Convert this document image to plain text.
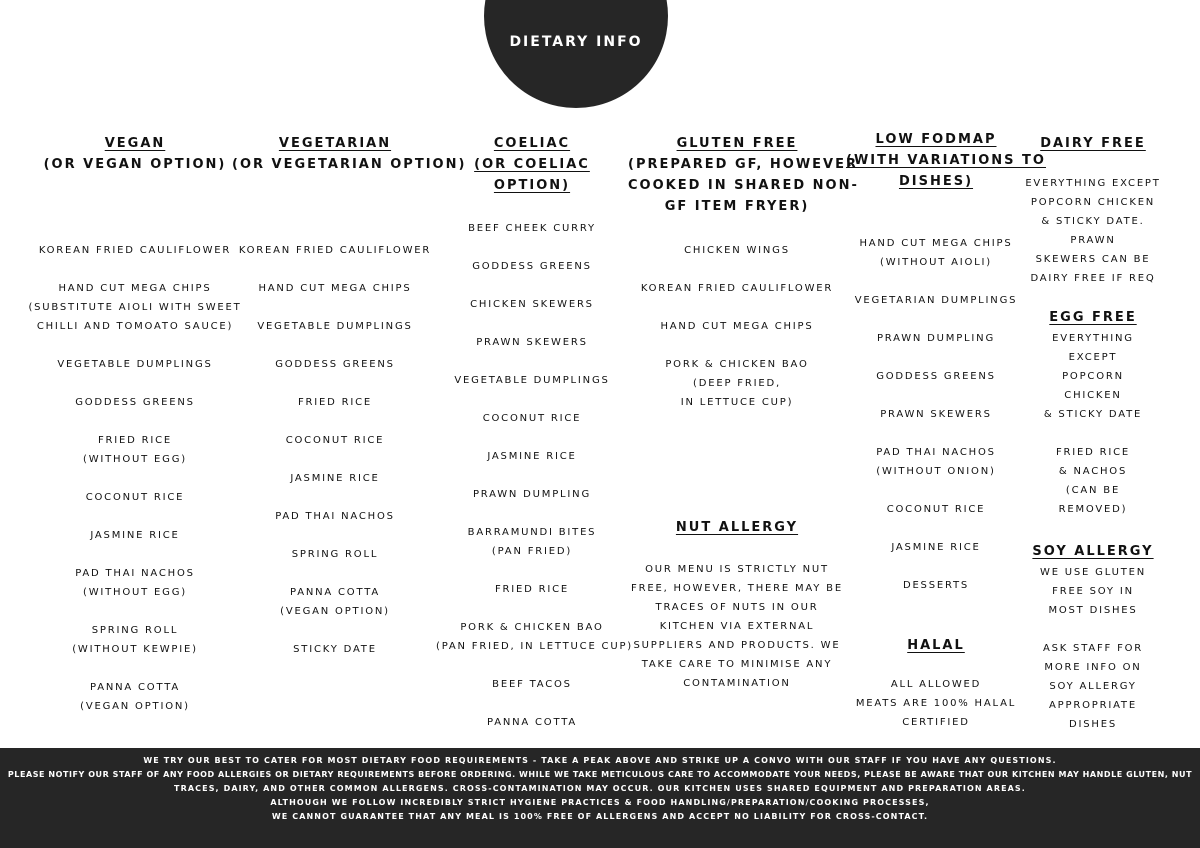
DIETARY INFO
VEGAN
(OR VEGAN OPTION)
KOREAN FRIED CAULIFLOWER
HAND CUT MEGA CHIPS
(SUBSTITUTE AIOLI WITH SWEET
CHILLI AND TOMOATO SAUCE)
VEGETABLE DUMPLINGS
GODDESS GREENS
FRIED RICE
(WITHOUT EGG)
COCONUT RICE
JASMINE RICE
PAD THAI NACHOS
(WITHOUT EGG)
SPRING ROLL
(WITHOUT KEWPIE)
PANNA COTTA
(VEGAN OPTION)
VEGETARIAN
(OR VEGETARIAN OPTION)
KOREAN FRIED CAULIFLOWER
HAND CUT MEGA CHIPS
VEGETABLE DUMPLINGS
GODDESS GREENS
FRIED RICE
COCONUT RICE
JASMINE RICE
PAD THAI NACHOS
SPRING ROLL
PANNA COTTA
(VEGAN OPTION)
STICKY DATE
COELIAC
(OR COELIAC
OPTION)
BEEF CHEEK CURRY
GODDESS GREENS
CHICKEN SKEWERS
PRAWN SKEWERS
VEGETABLE DUMPLINGS
COCONUT RICE
JASMINE RICE
PRAWN DUMPLING
BARRAMUNDI BITES
(PAN FRIED)
FRIED RICE
PORK & CHICKEN BAO
(PAN FRIED, IN LETTUCE CUP)
BEEF TACOS
PANNA COTTA
GLUTEN FREE
(PREPARED GF, HOWEVER
COOKED IN SHARED NON-
GF ITEM FRYER)
CHICKEN WINGS
KOREAN FRIED CAULIFLOWER
HAND CUT MEGA CHIPS
PORK & CHICKEN BAO
(DEEP FRIED,
IN LETTUCE CUP)
NUT ALLERGY
OUR MENU IS STRICTLY NUT
FREE, HOWEVER, THERE MAY BE
TRACES OF NUTS IN OUR
KITCHEN VIA EXTERNAL
SUPPLIERS AND PRODUCTS. WE
TAKE CARE TO MINIMISE ANY
CONTAMINATION
LOW FODMAP
(WITH VARIATIONS TO
DISHES)
HAND CUT MEGA CHIPS
(WITHOUT AIOLI)
VEGETARIAN DUMPLINGS
PRAWN DUMPLING
GODDESS GREENS
PRAWN SKEWERS
PAD THAI NACHOS
(WITHOUT ONION)
COCONUT RICE
JASMINE RICE
DESSERTS
HALAL
ALL ALLOWED
MEATS ARE 100% HALAL
CERTIFIED
DAIRY FREE
EVERYTHING EXCEPT
POPCORN CHICKEN
& STICKY DATE.
PRAWN
SKEWERS CAN BE
DAIRY FREE IF REQ
EGG FREE
EVERYTHING
EXCEPT
POPCORN
CHICKEN
& STICKY DATE
FRIED RICE
& NACHOS
(CAN BE
REMOVED)
SOY ALLERGY
WE USE GLUTEN
FREE SOY IN
MOST DISHES
ASK STAFF FOR
MORE INFO ON
SOY ALLERGY
APPROPRIATE
DISHES
WE TRY OUR BEST TO CATER FOR MOST DIETARY FOOD REQUIREMENTS - TAKE A PEAK ABOVE AND STRIKE UP A CONVO WITH OUR STAFF IF YOU HAVE ANY QUESTIONS.
PLEASE NOTIFY OUR STAFF OF ANY FOOD ALLERGIES OR DIETARY REQUIREMENTS BEFORE ORDERING. WHILE WE TAKE METICULOUS CARE TO ACCOMMODATE YOUR NEEDS, PLEASE BE AWARE THAT OUR KITCHEN MAY HANDLE GLUTEN, NUT
TRACES, DAIRY, AND OTHER COMMON ALLERGENS. CROSS-CONTAMINATION MAY OCCUR. OUR KITCHEN USES SHARED EQUIPMENT AND PREPARATION AREAS.
ALTHOUGH WE FOLLOW INCREDIBLY STRICT HYGIENE PRACTICES & FOOD HANDLING/PREPARATION/COOKING PROCESSES,
WE CANNOT GUARANTEE THAT ANY MEAL IS 100% FREE OF ALLERGENS AND ACCEPT NO LIABILITY FOR CROSS-CONTACT.
